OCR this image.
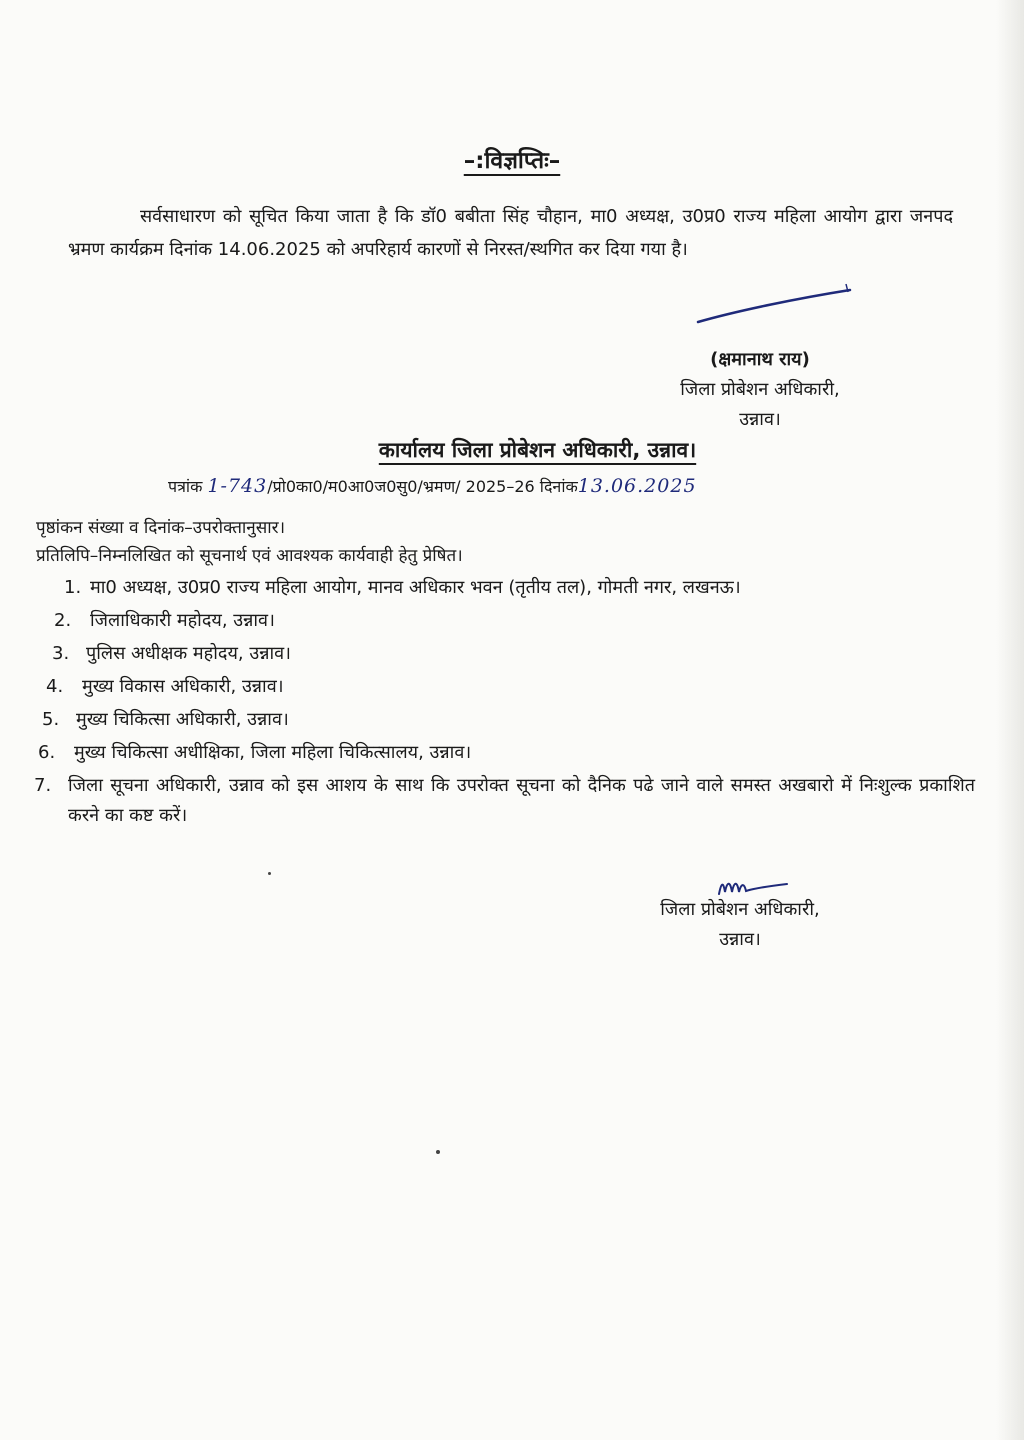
–:विज्ञप्तिः–

सर्वसाधारण को सूचित किया जाता है कि डॉ0 बबीता सिंह चौहान, मा0 अध्यक्ष, उ0प्र0 राज्य महिला आयोग द्वारा जनपद भ्रमण कार्यक्रम दिनांक 14.06.2025 को अपरिहार्य कारणों से निरस्त/स्थगित कर दिया गया है।

(क्षमानाथ राय)
जिला प्रोबेशन अधिकारी,
उन्नाव।
कार्यालय जिला प्रोबेशन अधिकारी, उन्नाव।
पत्रांक 1-743/प्रो0का0/म0आ0ज0सु0/भ्रमण/ 2025–26 दिनांक13.06.2025
पृष्ठांकन संख्या व दिनांक–उपरोक्तानुसार।
प्रतिलिपि–निम्नलिखित को सूचनार्थ एवं आवश्यक कार्यवाही हेतु प्रेषित।
1. मा0 अध्यक्ष, उ0प्र0 राज्य महिला आयोग, मानव अधिकार भवन (तृतीय तल), गोमती नगर, लखनऊ।
2. जिलाधिकारी महोदय, उन्नाव।
3. पुलिस अधीक्षक महोदय, उन्नाव।
4. मुख्य विकास अधिकारी, उन्नाव।
5. मुख्य चिकित्सा अधिकारी, उन्नाव।
6. मुख्य चिकित्सा अधीक्षिका, जिला महिला चिकित्सालय, उन्नाव।
7. जिला सूचना अधिकारी, उन्नाव को इस आशय के साथ कि उपरोक्त सूचना को दैनिक पढे जाने वाले समस्त अखबारो में निःशुल्क प्रकाशित करने का कष्ट करें।
जिला प्रोबेशन अधिकारी,
उन्नाव।
